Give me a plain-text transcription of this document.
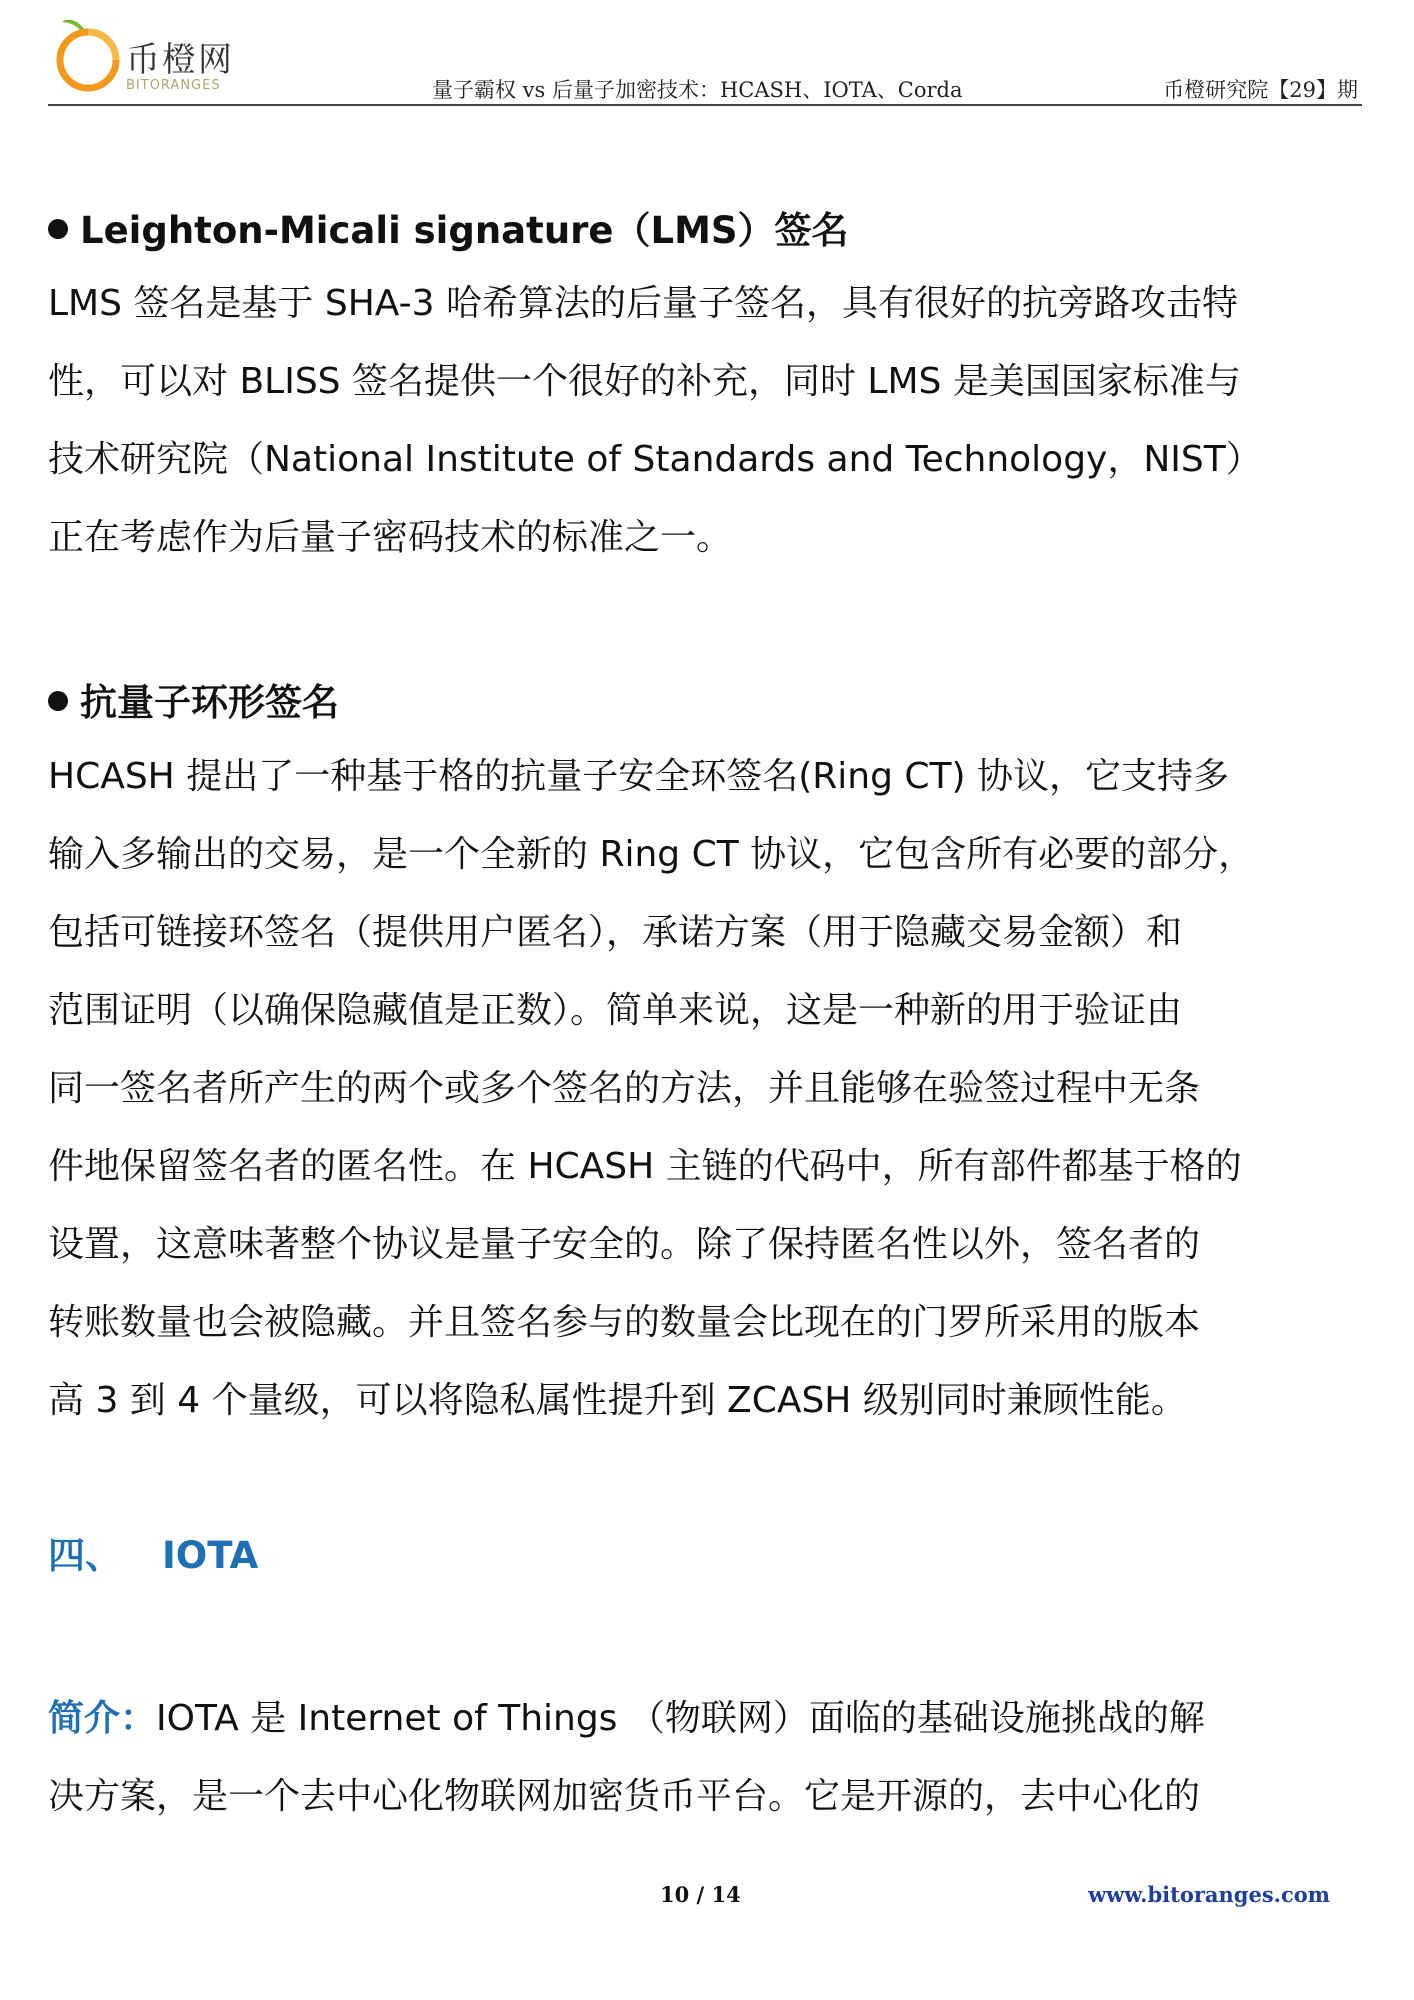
币橙网
BITORANGES	量子霸权 vs 后量子加密技术：HCASH、IOTA、Corda	币橙研究院【29】期
Leighton-Micali signature（LMS）签名
LMS 签名是基于 SHA-3 哈希算法的后量子签名，具有很好的抗旁路攻击特
性，可以对 BLISS 签名提供一个很好的补充，同时 LMS 是美国国家标准与
技术研究院（National Institute of Standards and Technology，NIST）
正在考虑作为后量子密码技术的标准之一。
抗量子环形签名
HCASH 提出了一种基于格的抗量子安全环签名(Ring CT) 协议，它支持多
输入多输出的交易，是一个全新的 Ring CT 协议，它包含所有必要的部分，
包括可链接环签名（提供用户匿名），承诺方案（用于隐藏交易金额）和
范围证明（以确保隐藏值是正数）。简单来说，这是一种新的用于验证由
同一签名者所产生的两个或多个签名的方法，并且能够在验签过程中无条
件地保留签名者的匿名性。在 HCASH 主链的代码中，所有部件都基于格的
设置，这意味著整个协议是量子安全的。除了保持匿名性以外，签名者的
转账数量也会被隐藏。并且签名参与的数量会比现在的门罗所采用的版本
高 3 到 4 个量级，可以将隐私属性提升到 ZCASH 级别同时兼顾性能。
四、 IOTA
简介：IOTA 是 Internet of Things （物联网）面临的基础设施挑战的解
决方案，是一个去中心化物联网加密货币平台。它是开源的，去中心化的
10 / 14	www.bitoranges.com
